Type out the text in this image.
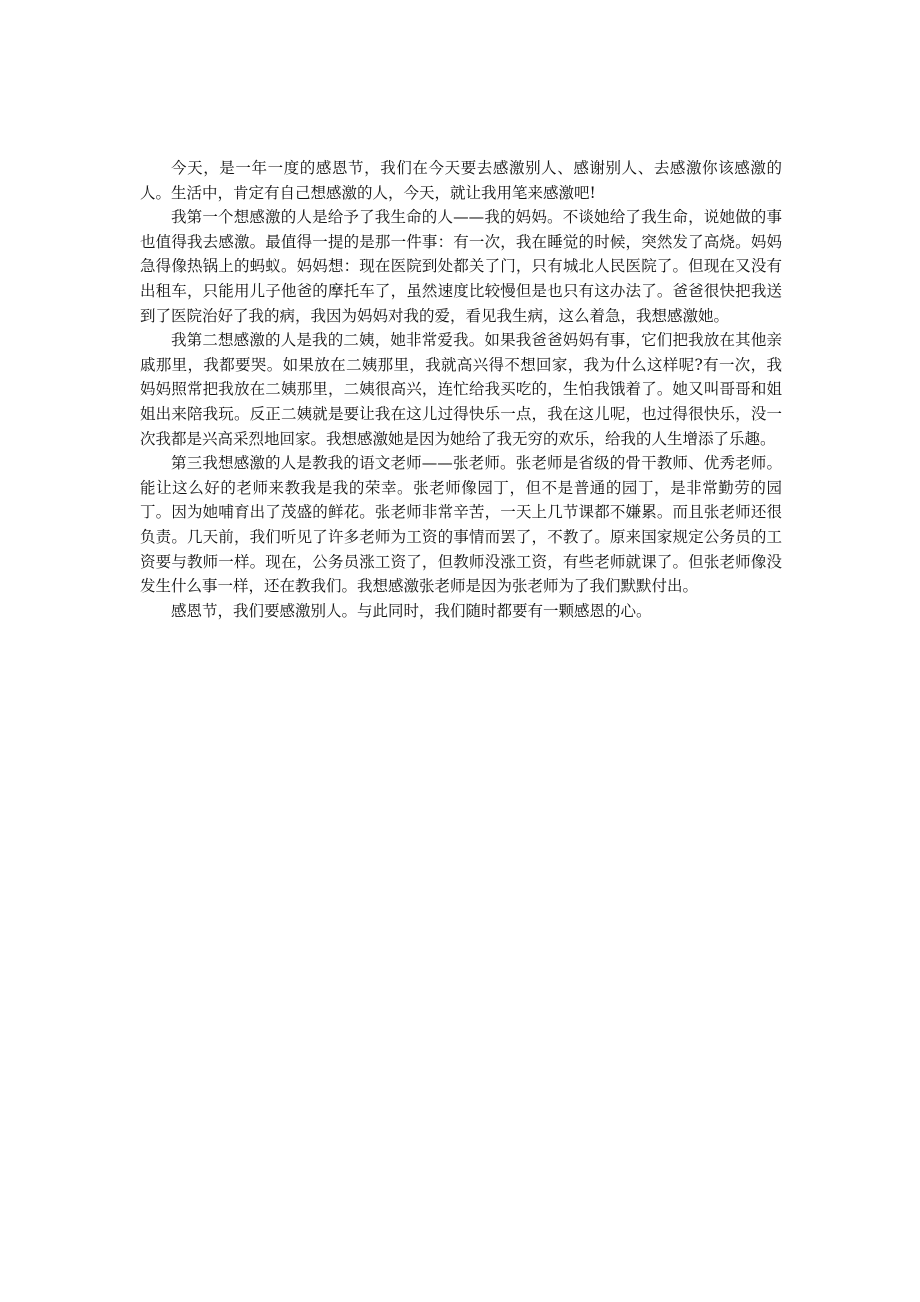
今天，是一年一度的感恩节，我们在今天要去感激别人、感谢别人、去感激你该感激的人。生活中，肯定有自己想感激的人，今天，就让我用笔来感激吧!

我第一个想感激的人是给予了我生命的人——我的妈妈。不谈她给了我生命，说她做的事也值得我去感激。最值得一提的是那一件事：有一次，我在睡觉的时候，突然发了高烧。妈妈急得像热锅上的蚂蚁。妈妈想：现在医院到处都关了门，只有城北人民医院了。但现在又没有出租车，只能用儿子他爸的摩托车了，虽然速度比较慢但是也只有这办法了。爸爸很快把我送到了医院治好了我的病，我因为妈妈对我的爱，看见我生病，这么着急，我想感激她。

我第二想感激的人是我的二姨，她非常爱我。如果我爸爸妈妈有事，它们把我放在其他亲戚那里，我都要哭。如果放在二姨那里，我就高兴得不想回家，我为什么这样呢?有一次，我妈妈照常把我放在二姨那里，二姨很高兴，连忙给我买吃的，生怕我饿着了。她又叫哥哥和姐姐出来陪我玩。反正二姨就是要让我在这儿过得快乐一点，我在这儿呢，也过得很快乐，没一次我都是兴高采烈地回家。我想感激她是因为她给了我无穷的欢乐，给我的人生增添了乐趣。

第三我想感激的人是教我的语文老师——张老师。张老师是省级的骨干教师、优秀老师。能让这么好的老师来教我是我的荣幸。张老师像园丁，但不是普通的园丁，是非常勤劳的园丁。因为她哺育出了茂盛的鲜花。张老师非常辛苦，一天上几节课都不嫌累。而且张老师还很负责。几天前，我们听见了许多老师为工资的事情而罢了，不教了。原来国家规定公务员的工资要与教师一样。现在，公务员涨工资了，但教师没涨工资，有些老师就课了。但张老师像没发生什么事一样，还在教我们。我想感激张老师是因为张老师为了我们默默付出。

感恩节，我们要感激别人。与此同时，我们随时都要有一颗感恩的心。
